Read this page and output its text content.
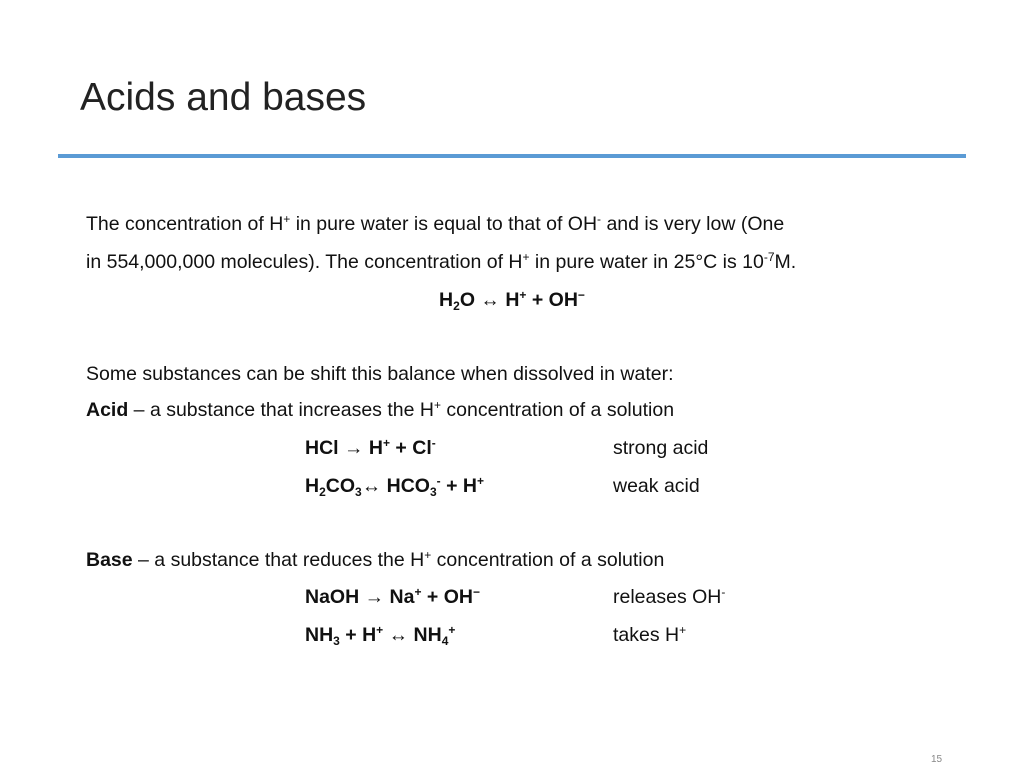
Acids and bases
The concentration of H+ in pure water is equal to that of OH- and is very low (One
in 554,000,000 molecules). The concentration of H+ in pure water in 25°C is $10^{-7}M$.
$H_2O$ ↔ H+ + OH−
Some substances can be shift this balance when dissolved in water:
Acid – a substance that increases the H+ concentration of a solution
HCl → H+ + Cl-	strong acid
$H_2CO_3\leftrightarrow$ $HCO_3^- + H^+$	weak acid
Base – a substance that reduces the H+ concentration of a solution
NaOH → Na+ + OH−	releases OH-
$NH_3 + H^+$ ↔ $NH_4^+$	takes H+
15
